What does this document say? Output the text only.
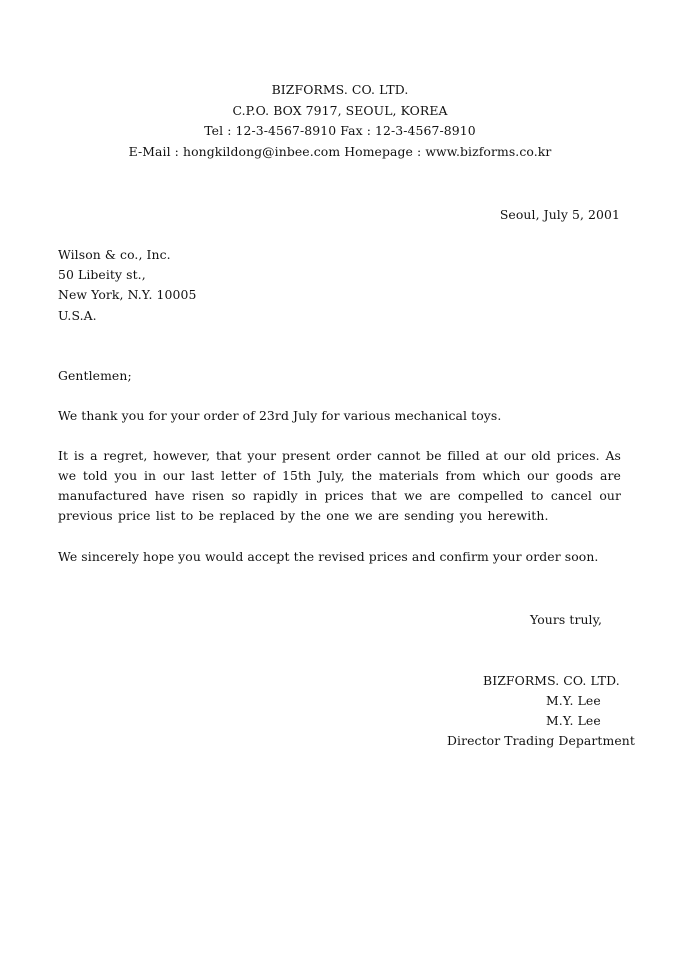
BIZFORMS. CO. LTD.
C.P.O. BOX 7917, SEOUL, KOREA
Tel : 12-3-4567-8910 Fax : 12-3-4567-8910
E-Mail : hongkildong@inbee.com Homepage : www.bizforms.co.kr
Seoul, July 5, 2001
Wilson & co., Inc.
50 Libeity st.,
New York, N.Y. 10005
U.S.A.
Gentlemen;
We thank you for your order of 23rd July for various mechanical toys.
It is a regret, however, that your present order cannot be filled at our old prices. As we told you in our last letter of 15th July, the materials from which our goods are manufactured have risen so rapidly in prices that we are compelled to cancel our previous price list to be replaced by the one we are sending you herewith.
We sincerely hope you would accept the revised prices and confirm your order soon.
Yours truly,
BIZFORMS. CO. LTD.
M.Y. Lee
M.Y. Lee
Director Trading Department
